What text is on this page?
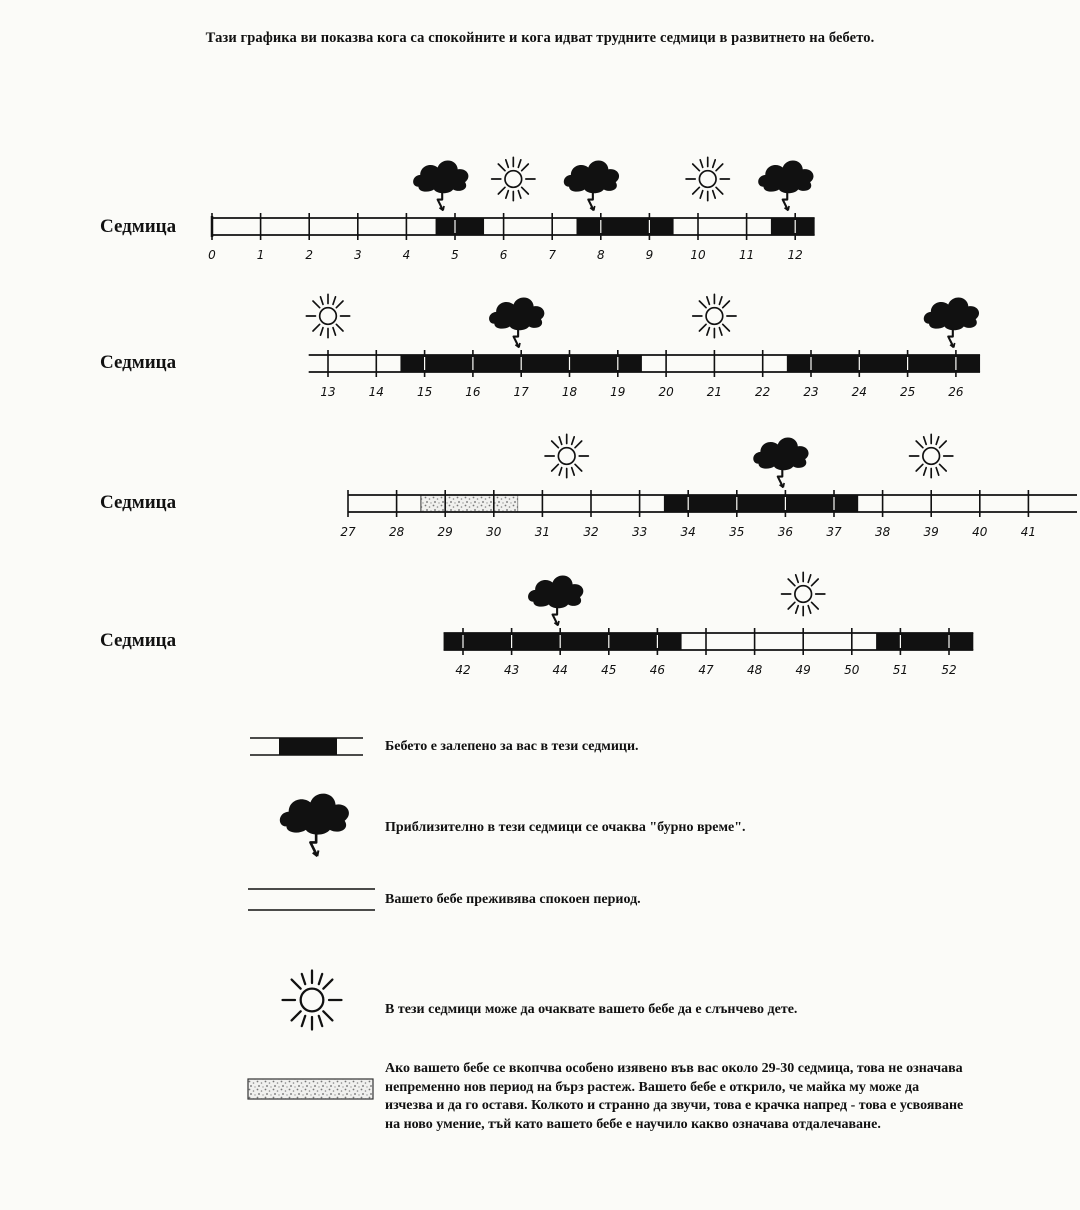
Тази графика ви показва кога са спокойните и кога идват трудните седмици в развитнето на бебето.
Седмица
Седмица
Седмица
Седмица
0	1	2	3	4	5	6	7	8	9	10	11	12
13	14	15	16	17	18	19	20	21	22	23	24	25	26
27	28	29	30	31	32	33	34	35	36	37	38	39	40	41
42	43	44	45	46	47	48	49	50	51	52
Бебето е залепено за вас в тези седмици.
Приблизително в тези седмици се очаква "бурно време".
Вашето бебе преживява спокоен период.
В тези седмици може да очаквате вашето бебе да е слънчево дете.
Ако вашето бебе се вкопчва особено изявено във вас около 29-30 седмица, това не означава непременно нов период на бърз растеж. Вашето бебе е открило, че майка му може да изчезва и да го оставя. Колкото и странно да звучи, това е крачка напред - това е усвояване на ново умение, тъй като вашето бебе е научило какво означава отдалечаване.
